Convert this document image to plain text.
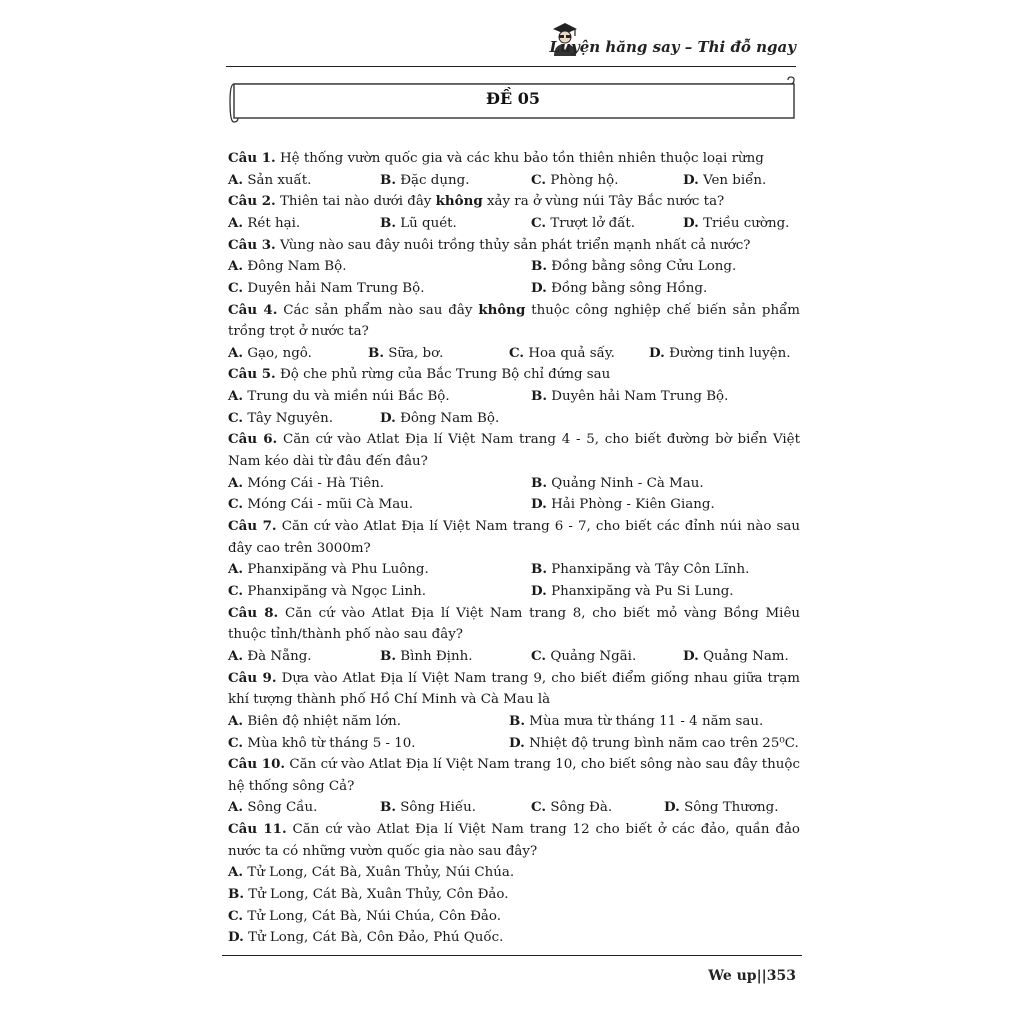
Luyện hăng say – Thi đỗ ngay
ĐỀ 05
Câu 1. Hệ thống vườn quốc gia và các khu bảo tồn thiên nhiên thuộc loại rừng
A. Sản xuất.	B. Đặc dụng.	C. Phòng hộ.	D. Ven biển.
Câu 2. Thiên tai nào dưới đây không xảy ra ở vùng núi Tây Bắc nước ta?
A. Rét hại.	B. Lũ quét.	C. Trượt lở đất.	D. Triều cường.
Câu 3. Vùng nào sau đây nuôi trồng thủy sản phát triển mạnh nhất cả nước?
A. Đông Nam Bộ.	B. Đồng bằng sông Cửu Long.
C. Duyên hải Nam Trung Bộ.	D. Đồng bằng sông Hồng.
Câu 4. Các sản phẩm nào sau đây không thuộc công nghiệp chế biến sản phẩm trồng trọt ở nước ta?
A. Gạo, ngô.	B. Sữa, bơ.	C. Hoa quả sấy.	D. Đường tinh luyện.
Câu 5. Độ che phủ rừng của Bắc Trung Bộ chỉ đứng sau
A. Trung du và miền núi Bắc Bộ.	B. Duyên hải Nam Trung Bộ.
C. Tây Nguyên.	D. Đông Nam Bộ.
Câu 6. Căn cứ vào Atlat Địa lí Việt Nam trang 4 - 5, cho biết đường bờ biển Việt Nam kéo dài từ đâu đến đâu?
A. Móng Cái - Hà Tiên.	B. Quảng Ninh - Cà Mau.
C. Móng Cái - mũi Cà Mau.	D. Hải Phòng - Kiên Giang.
Câu 7. Căn cứ vào Atlat Địa lí Việt Nam trang 6 - 7, cho biết các đỉnh núi nào sau đây cao trên 3000m?
A. Phanxipăng và Phu Luông.	B. Phanxipăng và Tây Côn Lĩnh.
C. Phanxipăng và Ngọc Linh.	D. Phanxipăng và Pu Si Lung.
Câu 8. Căn cứ vào Atlat Địa lí Việt Nam trang 8, cho biết mỏ vàng Bồng Miêu thuộc tỉnh/thành phố nào sau đây?
A. Đà Nẵng.	B. Bình Định.	C. Quảng Ngãi.	D. Quảng Nam.
Câu 9. Dựa vào Atlat Địa lí Việt Nam trang 9, cho biết điểm giống nhau giữa trạm khí tượng thành phố Hồ Chí Minh và Cà Mau là
A. Biên độ nhiệt năm lớn.	B. Mùa mưa từ tháng 11 - 4 năm sau.
C. Mùa khô từ tháng 5 - 10.	D. Nhiệt độ trung bình năm cao trên 25⁰C.
Câu 10. Căn cứ vào Atlat Địa lí Việt Nam trang 10, cho biết sông nào sau đây thuộc hệ thống sông Cả?
A. Sông Cầu.	B. Sông Hiếu.	C. Sông Đà.	D. Sông Thương.
Câu 11. Căn cứ vào Atlat Địa lí Việt Nam trang 12 cho biết ở các đảo, quần đảo nước ta có những vườn quốc gia nào sau đây?
A. Tử Long, Cát Bà, Xuân Thủy, Núi Chúa.
B. Tử Long, Cát Bà, Xuân Thủy, Côn Đảo.
C. Tử Long, Cát Bà, Núi Chúa, Côn Đảo.
D. Tử Long, Cát Bà, Côn Đảo, Phú Quốc.
We up||353
